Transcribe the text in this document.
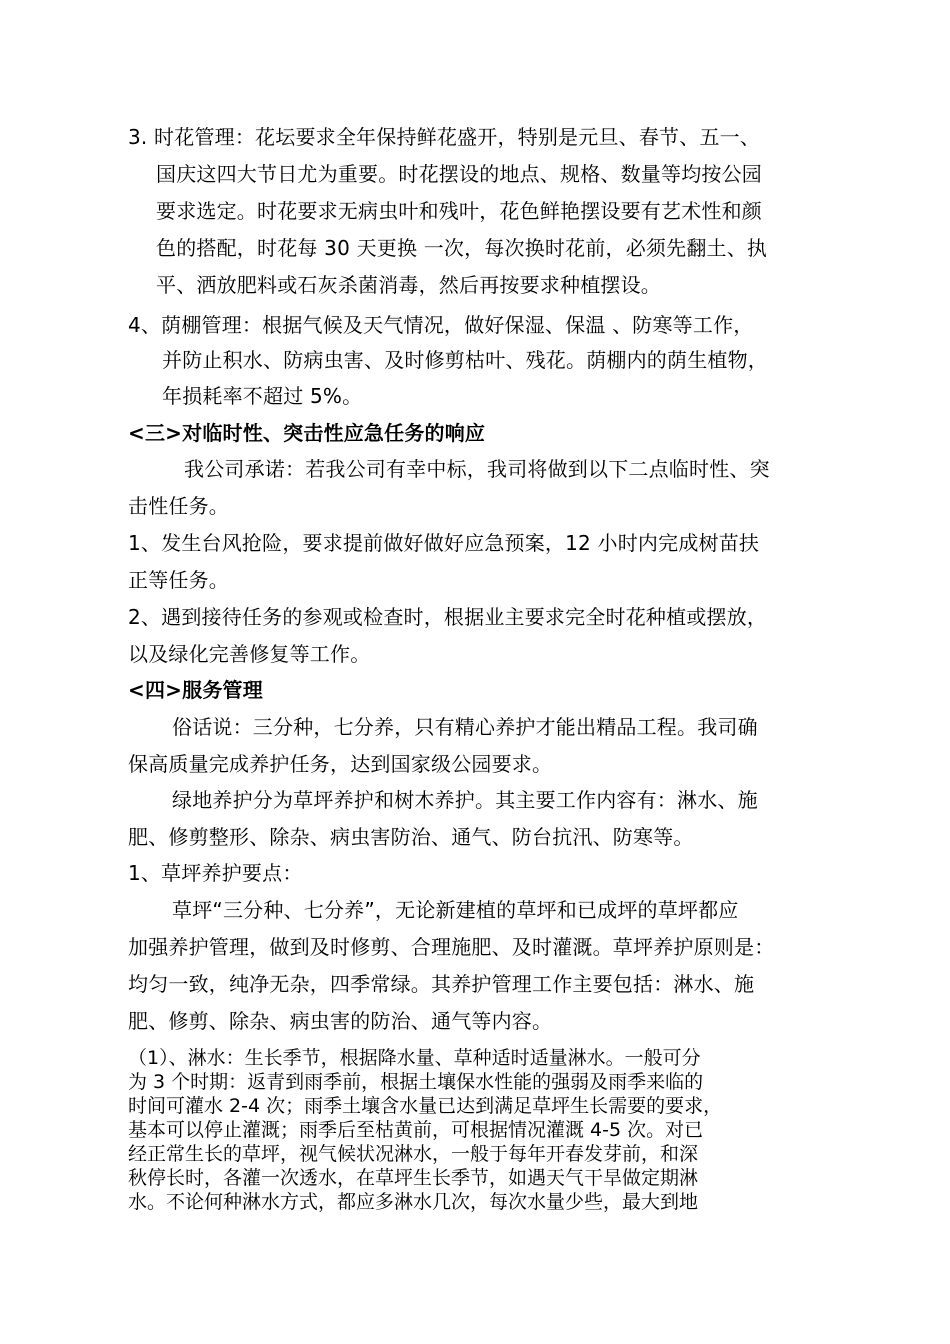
3. 时花管理：花坛要求全年保持鲜花盛开，特别是元旦、春节、五一、
国庆这四大节日尤为重要。时花摆设的地点、规格、数量等均按公园
要求选定。时花要求无病虫叶和残叶，花色鲜艳摆设要有艺术性和颜
色的搭配，时花每 30 天更换 一次，每次换时花前，必须先翻土、执
平、洒放肥料或石灰杀菌消毒，然后再按要求种植摆设。
4、荫棚管理：根据气候及天气情况，做好保湿、保温 、防寒等工作，
并防止积水、防病虫害、及时修剪枯叶、残花。荫棚内的荫生植物，
年损耗率不超过 5%。
<三>对临时性、突击性应急任务的响应
我公司承诺：若我公司有幸中标，我司将做到以下二点临时性、突
击性任务。
1、发生台风抢险，要求提前做好做好应急预案，12 小时内完成树苗扶
正等任务。
2、遇到接待任务的参观或检查时，根据业主要求完全时花种植或摆放，
以及绿化完善修复等工作。
<四>服务管理
俗话说：三分种，七分养，只有精心养护才能出精品工程。我司确
保高质量完成养护任务，达到国家级公园要求。
绿地养护分为草坪养护和树木养护。其主要工作内容有：淋水、施
肥、修剪整形、除杂、病虫害防治、通气、防台抗汛、防寒等。
1、草坪养护要点：
草坪“三分种、七分养”，无论新建植的草坪和已成坪的草坪都应
加强养护管理，做到及时修剪、合理施肥、及时灌溉。草坪养护原则是：
均匀一致，纯净无杂，四季常绿。其养护管理工作主要包括：淋水、施
肥、修剪、除杂、病虫害的防治、通气等内容。
（1）、淋水：生长季节，根据降水量、草种适时适量淋水。一般可分
为 3 个时期：返青到雨季前，根据土壤保水性能的强弱及雨季来临的
时间可灌水 2-4 次；雨季土壤含水量已达到满足草坪生长需要的要求，
基本可以停止灌溉；雨季后至枯黄前，可根据情况灌溉 4-5 次。对已
经正常生长的草坪，视气候状况淋水，一般于每年开春发芽前，和深
秋停长时，各灌一次透水，在草坪生长季节，如遇天气干旱做定期淋
水。不论何种淋水方式，都应多淋水几次，每次水量少些，最大到地
